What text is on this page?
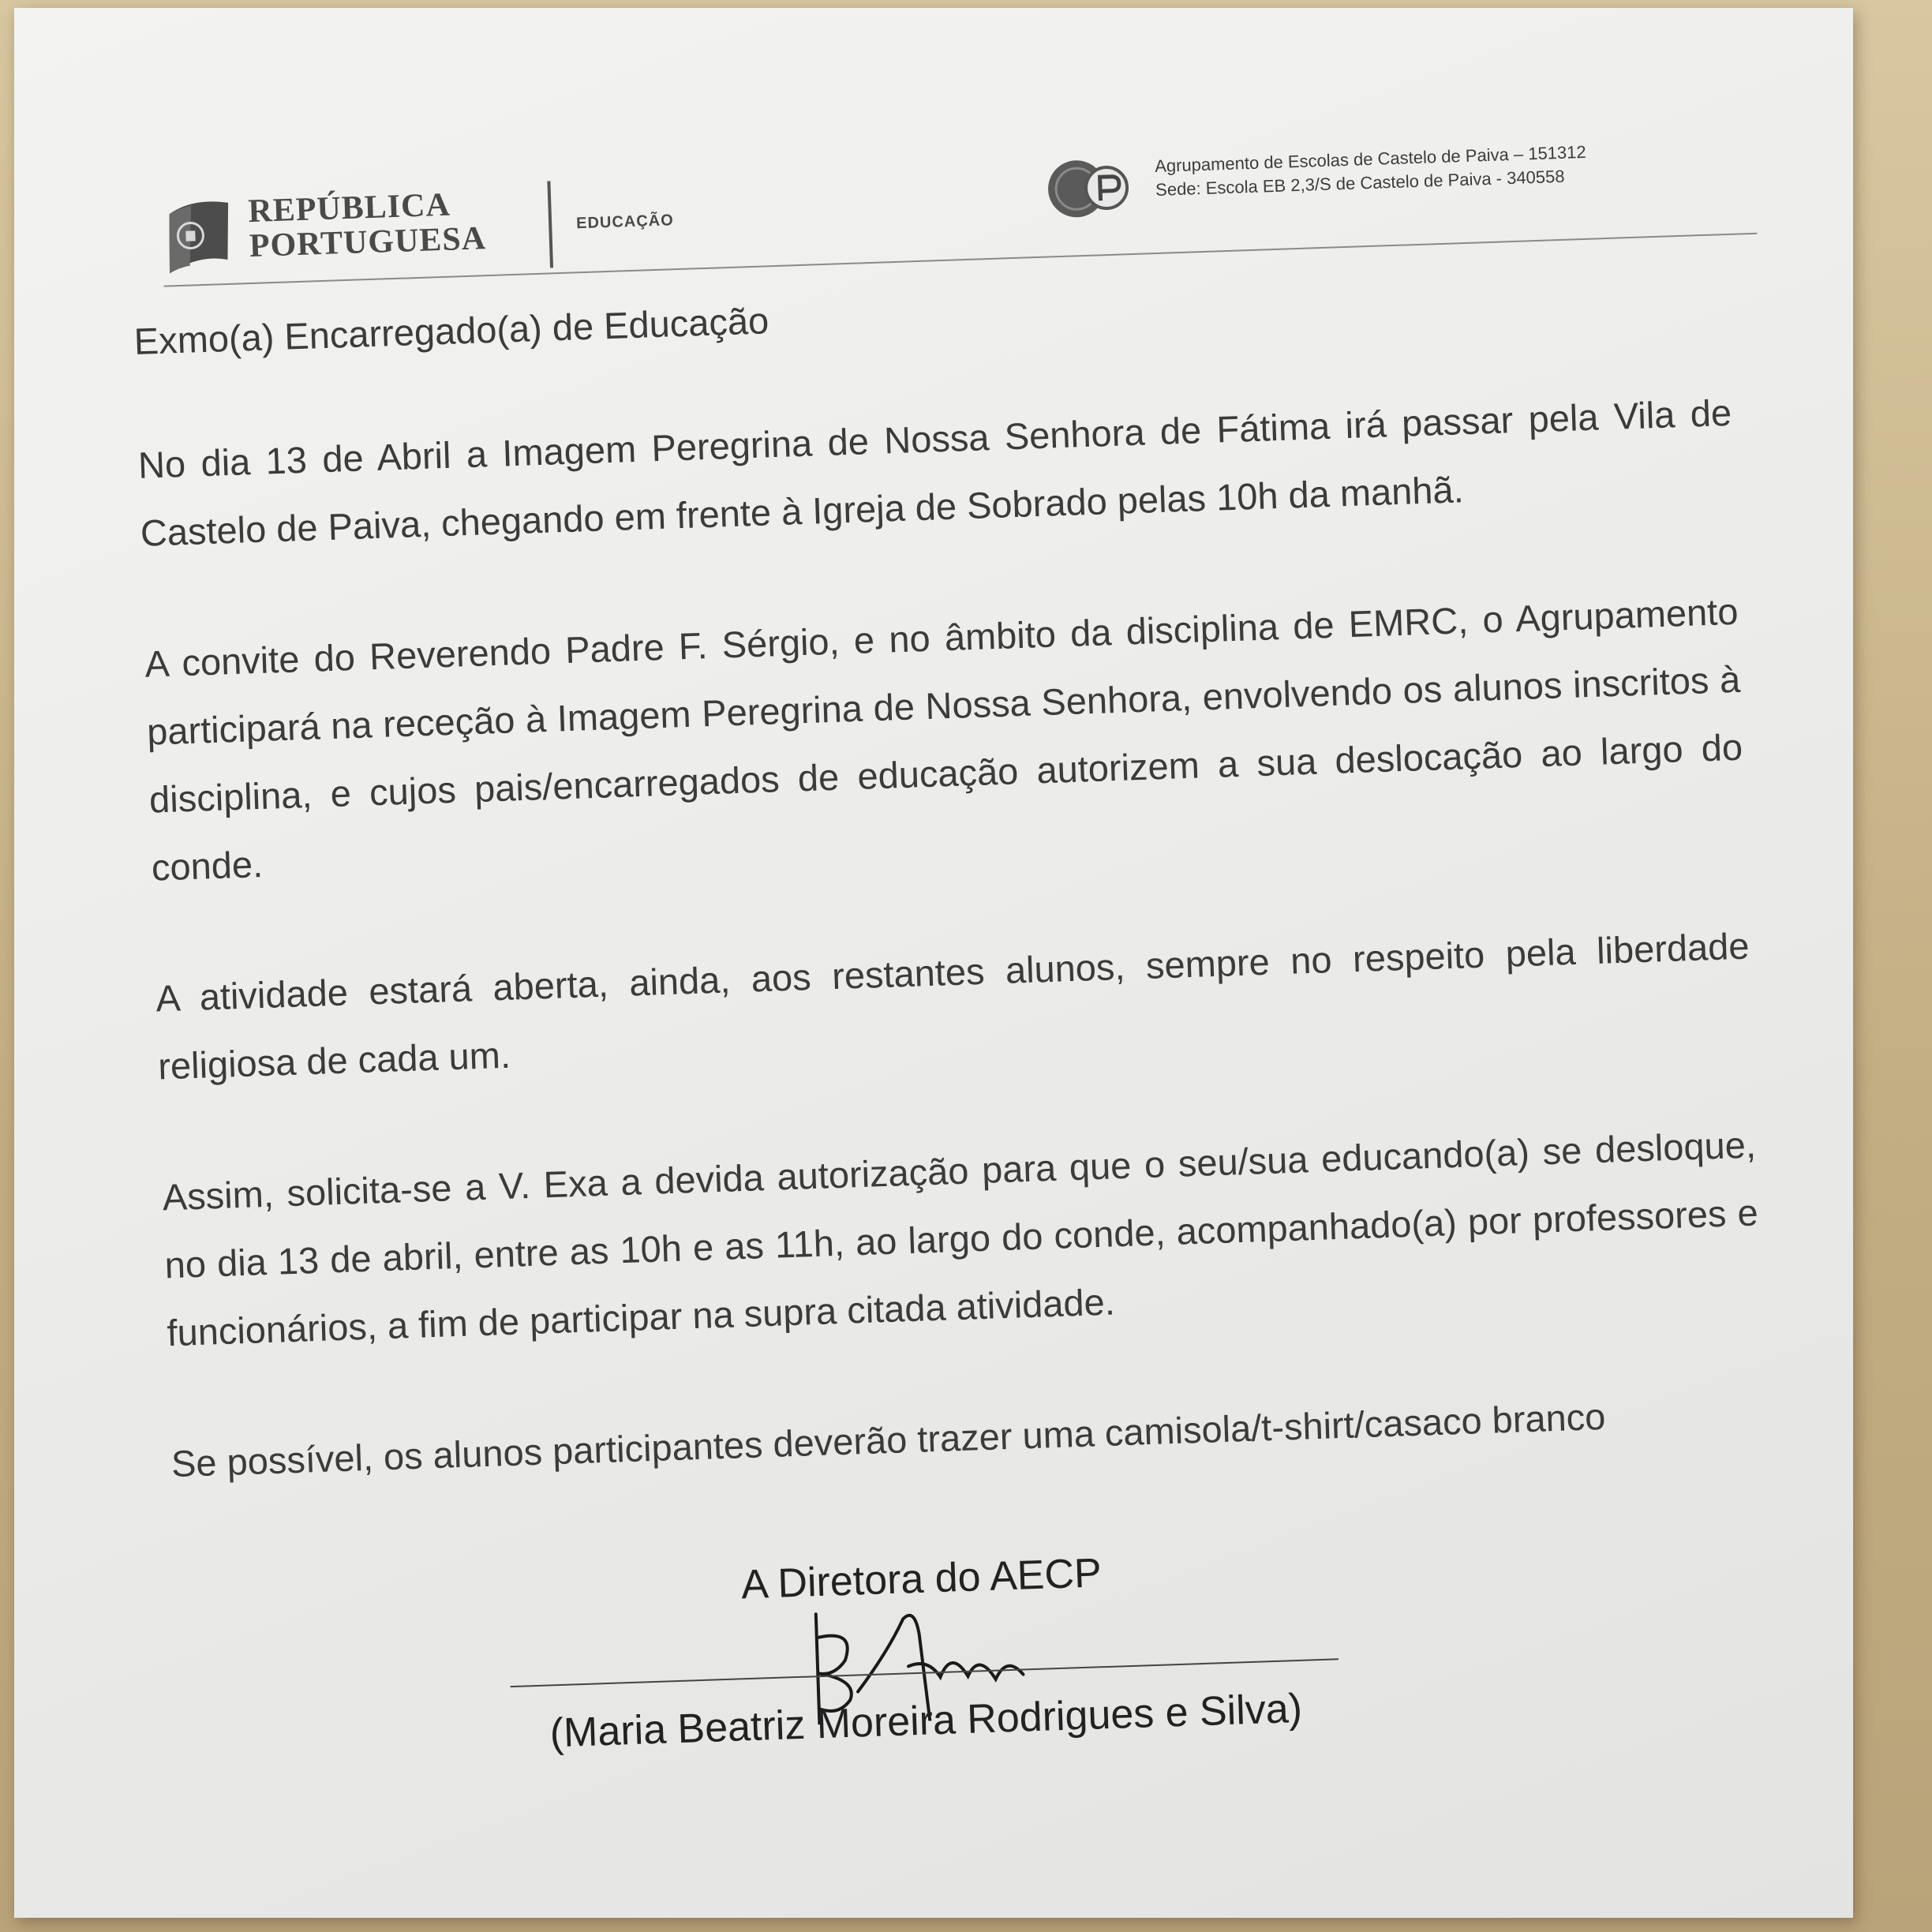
REPÚBLICA
PORTUGUESA	EDUCAÇÃO
Agrupamento de Escolas de Castelo de Paiva – 151312
Sede: Escola EB 2,3/S de Castelo de Paiva - 340558

Exmo(a) Encarregado(a) de Educação

No dia 13 de Abril a Imagem Peregrina de Nossa Senhora de Fátima irá passar pela Vila de Castelo de Paiva, chegando em frente à Igreja de Sobrado pelas 10h da manhã.

A convite do Reverendo Padre F. Sérgio, e no âmbito da disciplina de EMRC, o Agrupamento participará na receção à Imagem Peregrina de Nossa Senhora, envolvendo os alunos inscritos à disciplina, e cujos pais/encarregados de educação autorizem a sua deslocação ao largo do conde.

A atividade estará aberta, ainda, aos restantes alunos, sempre no respeito pela liberdade religiosa de cada um.

Assim, solicita-se a V. Exa a devida autorização para que o seu/sua educando(a) se desloque, no dia 13 de abril, entre as 10h e as 11h, ao largo do conde, acompanhado(a) por professores e funcionários, a fim de participar na supra citada atividade.

Se possível, os alunos participantes deverão trazer uma camisola/t-shirt/casaco branco

A Diretora do AECP
(Maria Beatriz Moreira Rodrigues e Silva)
